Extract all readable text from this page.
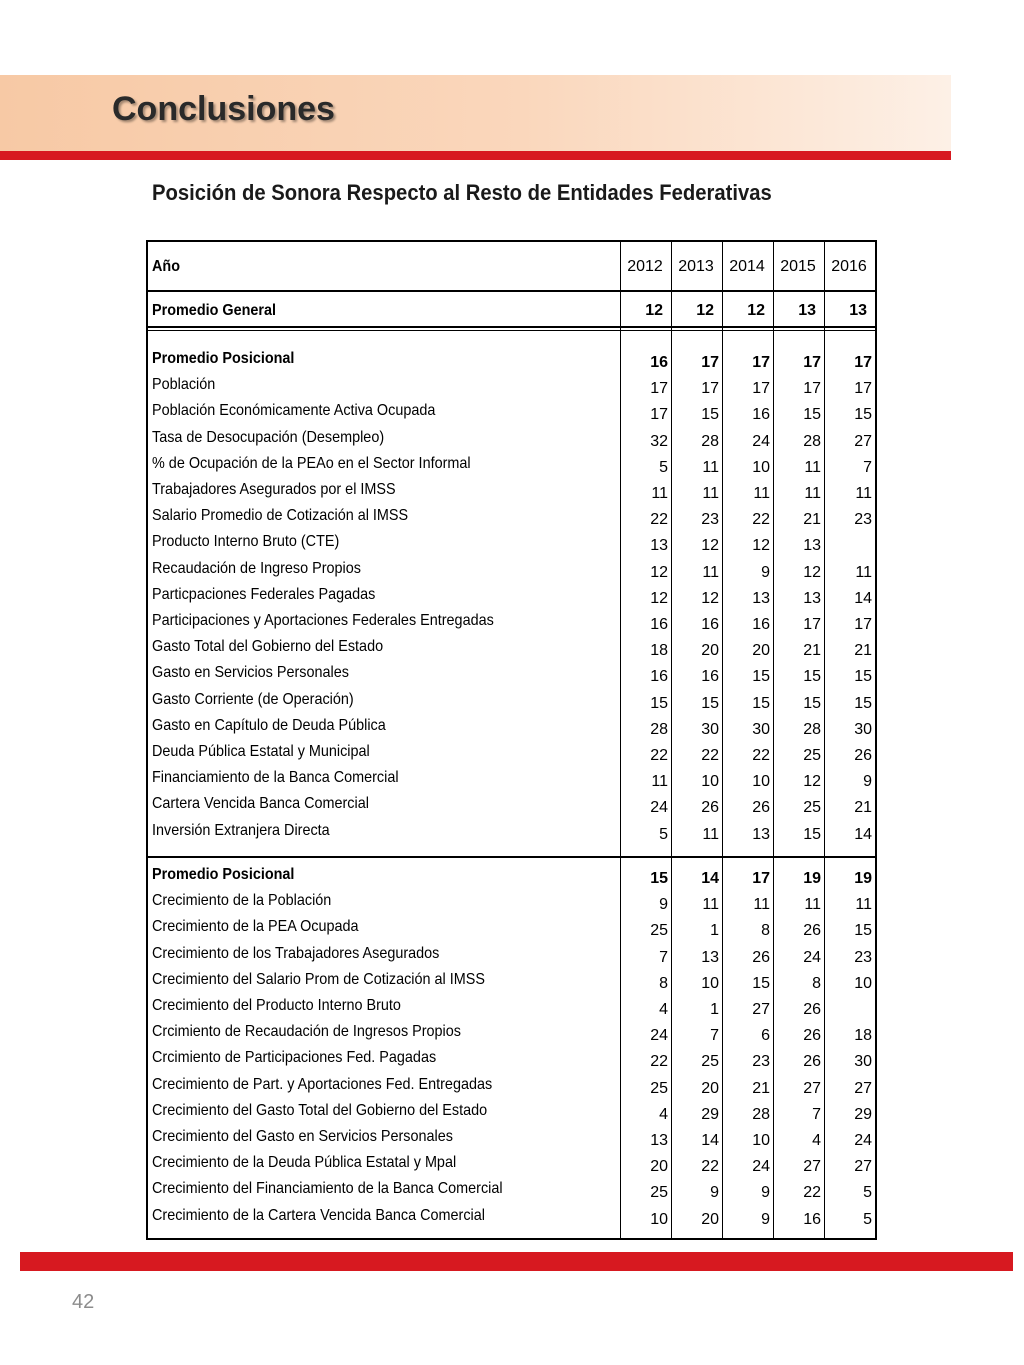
Conclusiones
Posición de Sonora Respecto al Resto de Entidades Federativas
Año	2012 2013 2014 2015 2016
Promedio General	12	12	12	13	13
Promedio Posicional	16	17	17	17	17
Población	17	17	17	17	17
Población Económicamente Activa Ocupada	17	15	16	15	15
Tasa de Desocupación (Desempleo)	32	28	24	28	27
% de Ocupación de la PEAo en el Sector Informal	5	11	10	11	7
Trabajadores Asegurados por el IMSS	11	11	11	11	11
Salario Promedio de Cotización al IMSS	22	23	22	21	23
Producto Interno Bruto (CTE)	13	12	12	13
Recaudación de Ingreso Propios	12	11	9	12	11
Particpaciones Federales Pagadas	12	12	13	13	14
Participaciones y Aportaciones Federales Entregadas	16	16	16	17	17
Gasto Total del Gobierno del Estado	18	20	20	21	21
Gasto en Servicios Personales	16	16	15	15	15
Gasto Corriente (de Operación)	15	15	15	15	15
Gasto en Capítulo de Deuda Pública	28	30	30	28	30
Deuda Pública Estatal y Municipal	22	22	22	25	26
Financiamiento de la Banca Comercial	11	10	10	12	9
Cartera Vencida Banca Comercial	24	26	26	25	21
Inversión Extranjera Directa	5	11	13	15	14
Promedio Posicional	15	14	17	19	19
Crecimiento de la Población	9	11	11	11	11
Crecimiento de la PEA Ocupada	25	1	8	26	15
Crecimiento de los Trabajadores Asegurados	7	13	26	24	23
Crecimiento del Salario Prom de Cotización al IMSS	8	10	15	8	10
Crecimiento del Producto Interno Bruto	4	1	27	26
Crcimiento de Recaudación de Ingresos Propios	24	7	6	26	18
Crcimiento de Participaciones Fed. Pagadas	22	25	23	26	30
Crecimiento de Part. y Aportaciones Fed. Entregadas	25	20	21	27	27
Crecimiento del Gasto Total del Gobierno del Estado	4	29	28	7	29
Crecimiento del Gasto en Servicios Personales	13	14	10	4	24
Crecimiento de la Deuda Pública Estatal y Mpal	20	22	24	27	27
Crecimiento del Financiamiento de la Banca Comercial	25	9	9	22	5
Crecimiento de la Cartera Vencida Banca Comercial	10	20	9	16	5
42
